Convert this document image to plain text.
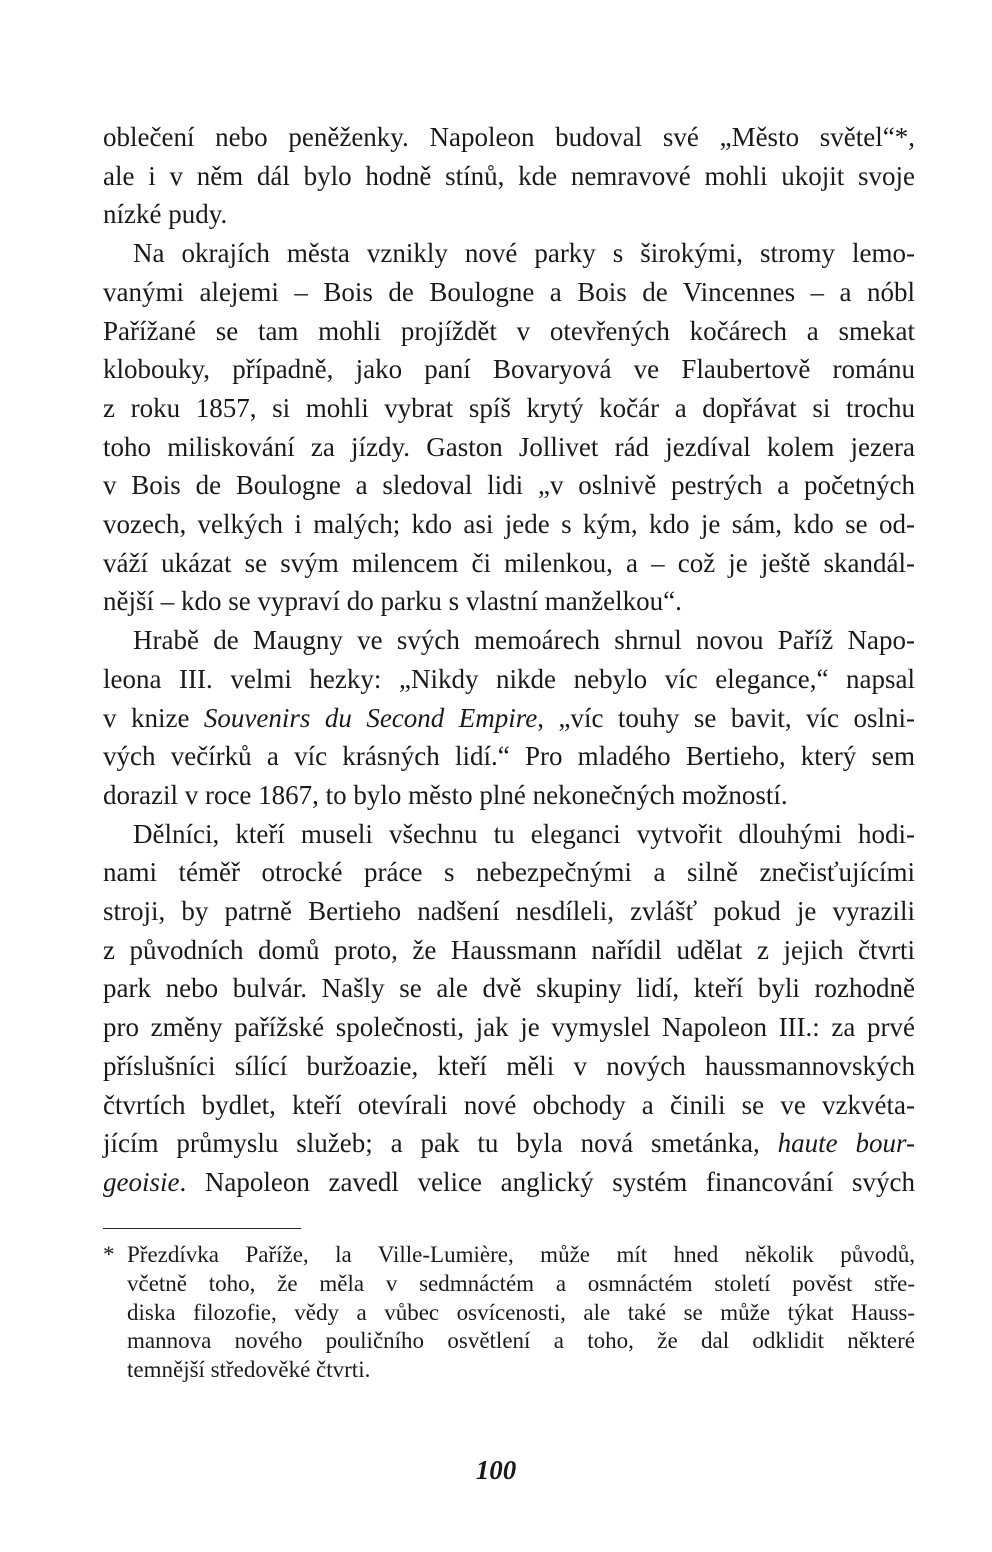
oblečení nebo peněženky. Napoleon budoval své „Město světel“*,
ale i v něm dál bylo hodně stínů, kde nemravové mohli ukojit svoje
nízké pudy.

Na okrajích města vznikly nové parky s širokými, stromy lemo-
vanými alejemi – Bois de Boulogne a Bois de Vincennes – a nóbl
Pařížané se tam mohli projíždět v otevřených kočárech a smekat
klobouky, případně, jako paní Bovaryová ve Flaubertově románu
z roku 1857, si mohli vybrat spíš krytý kočár a dopřávat si trochu
toho miliskování za jízdy. Gaston Jollivet rád jezdíval kolem jezera
v Bois de Boulogne a sledoval lidi „v oslnivě pestrých a početných
vozech, velkých i malých; kdo asi jede s kým, kdo je sám, kdo se od-
váží ukázat se svým milencem či milenkou, a – což je ještě skandál-
nější – kdo se vypraví do parku s vlastní manželkou“.

Hrabě de Maugny ve svých memoárech shrnul novou Paříž Napo-
leona III. velmi hezky: „Nikdy nikde nebylo víc elegance,“ napsal
v knize Souvenirs du Second Empire, „víc touhy se bavit, víc oslni-
vých večírků a víc krásných lidí.“ Pro mladého Bertieho, který sem
dorazil v roce 1867, to bylo město plné nekonečných možností.

Dělníci, kteří museli všechnu tu eleganci vytvořit dlouhými hodi-
nami téměř otrocké práce s nebezpečnými a silně znečisťujícími
stroji, by patrně Bertieho nadšení nesdíleli, zvlášť pokud je vyrazili
z původních domů proto, že Haussmann nařídil udělat z jejich čtvrti
park nebo bulvár. Našly se ale dvě skupiny lidí, kteří byli rozhodně
pro změny pařížské společnosti, jak je vymyslel Napoleon III.: za prvé
příslušníci sílící buržoazie, kteří měli v nových haussmannovských
čtvrtích bydlet, kteří otevírali nové obchody a činili se ve vzkvéta-
jícím průmyslu služeb; a pak tu byla nová smetánka, haute bour-
geoisie. Napoleon zavedl velice anglický systém financování svých

* Přezdívka Paříže, la Ville-Lumière, může mít hned několik původů,
včetně toho, že měla v sedmnáctém a osmnáctém století pověst stře-
diska filozofie, vědy a vůbec osvícenosti, ale také se může týkat Hauss-
mannova nového pouličního osvětlení a toho, že dal odklidit některé
temnější středověké čtvrti.
100
